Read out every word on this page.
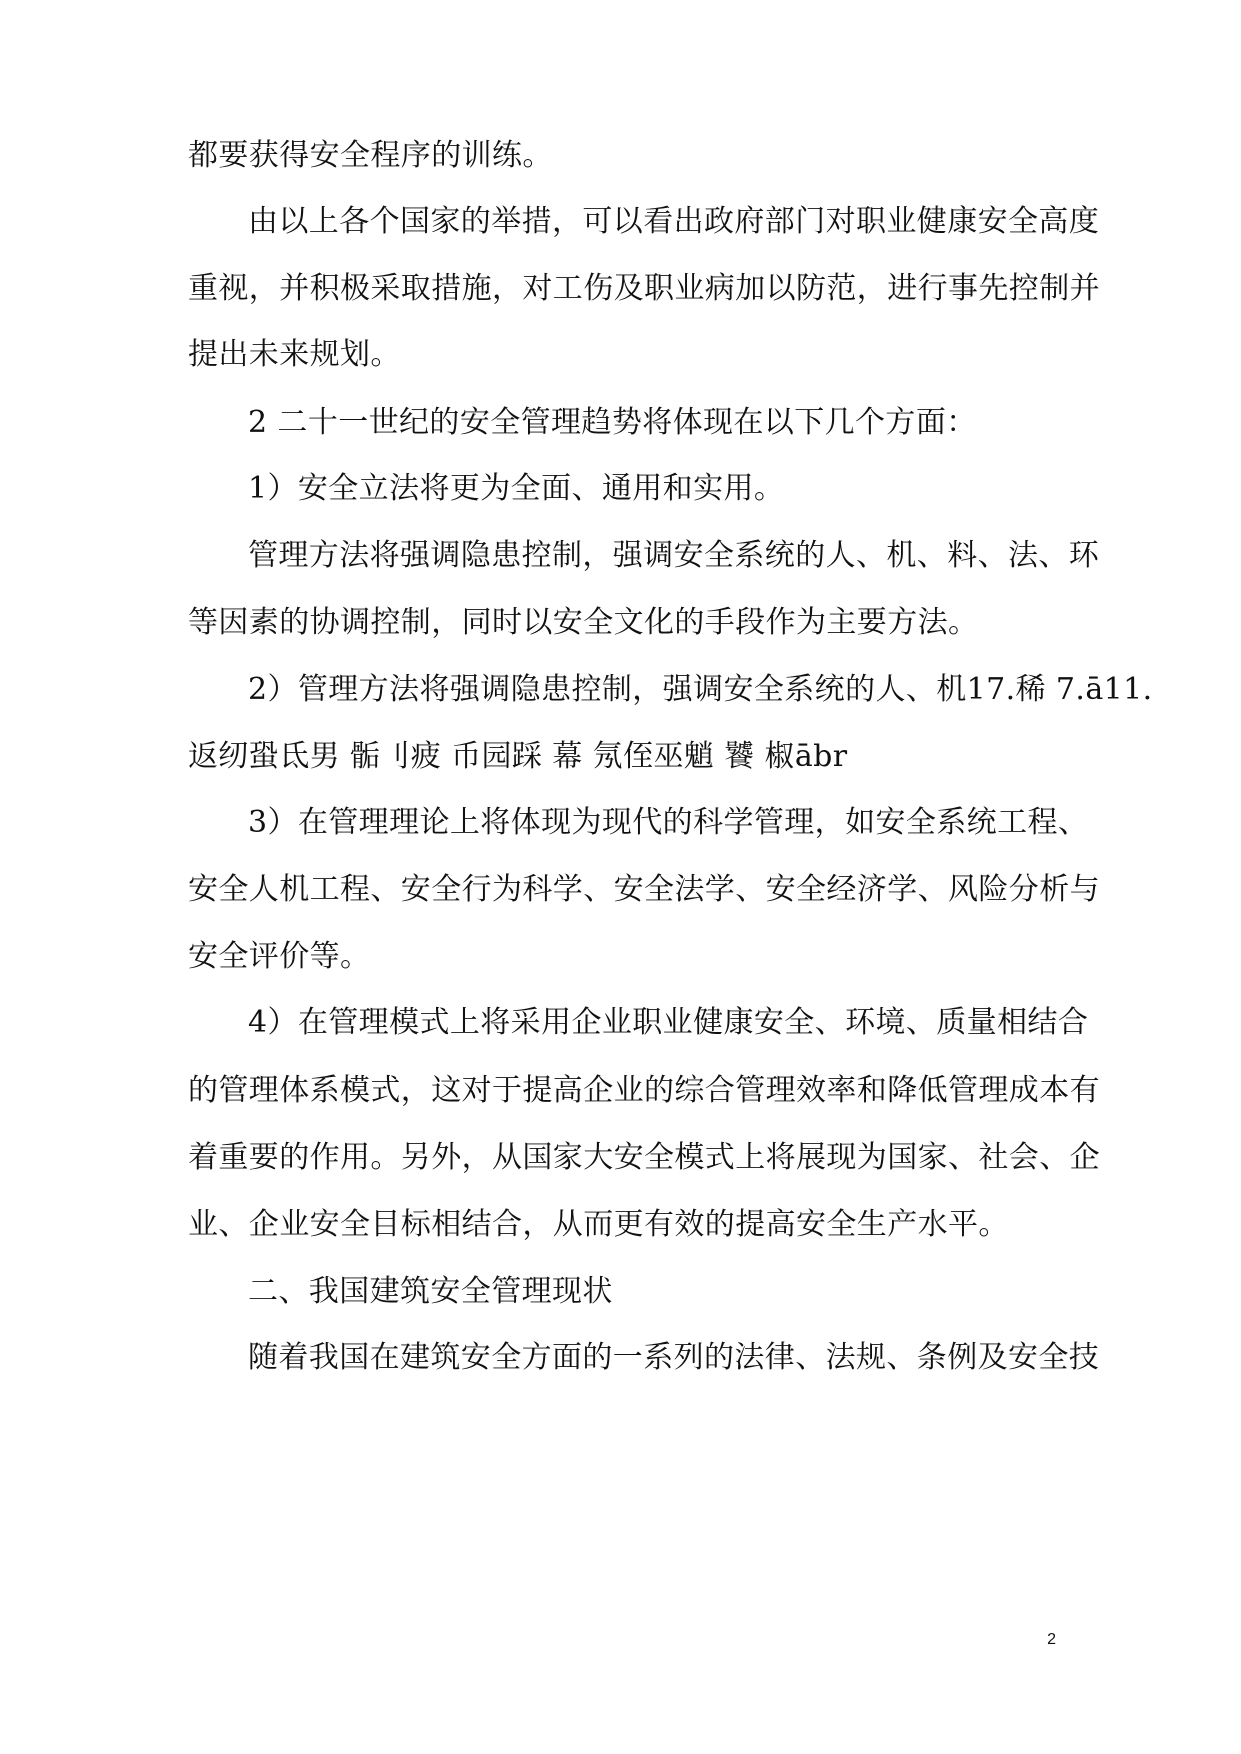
都要获得安全程序的训练。
由以上各个国家的举措，可以看出政府部门对职业健康安全高度
重视，并积极采取措施，对工伤及职业病加以防范，进行事先控制并
提出未来规划。
2 二十一世纪的安全管理趋势将体现在以下几个方面：
1）安全立法将更为全面、通用和实用。
管理方法将强调隐患控制，强调安全系统的人、机、料、法、环
等因素的协调控制，同时以安全文化的手段作为主要方法。
2）管理方法将强调隐患控制，强调安全系统的人、机17.稀 7.ā11.
返纫蛩氐男 骺刂疲 币园踩 幕 氖侄巫魈 饕 椒ābr
3）在管理理论上将体现为现代的科学管理，如安全系统工程、
安全人机工程、安全行为科学、安全法学、安全经济学、风险分析与
安全评价等。
4）在管理模式上将采用企业职业健康安全、环境、质量相结合
的管理体系模式，这对于提高企业的综合管理效率和降低管理成本有
着重要的作用。另外，从国家大安全模式上将展现为国家、社会、企
业、企业安全目标相结合，从而更有效的提高安全生产水平。
二、我国建筑安全管理现状
随着我国在建筑安全方面的一系列的法律、法规、条例及安全技
2
